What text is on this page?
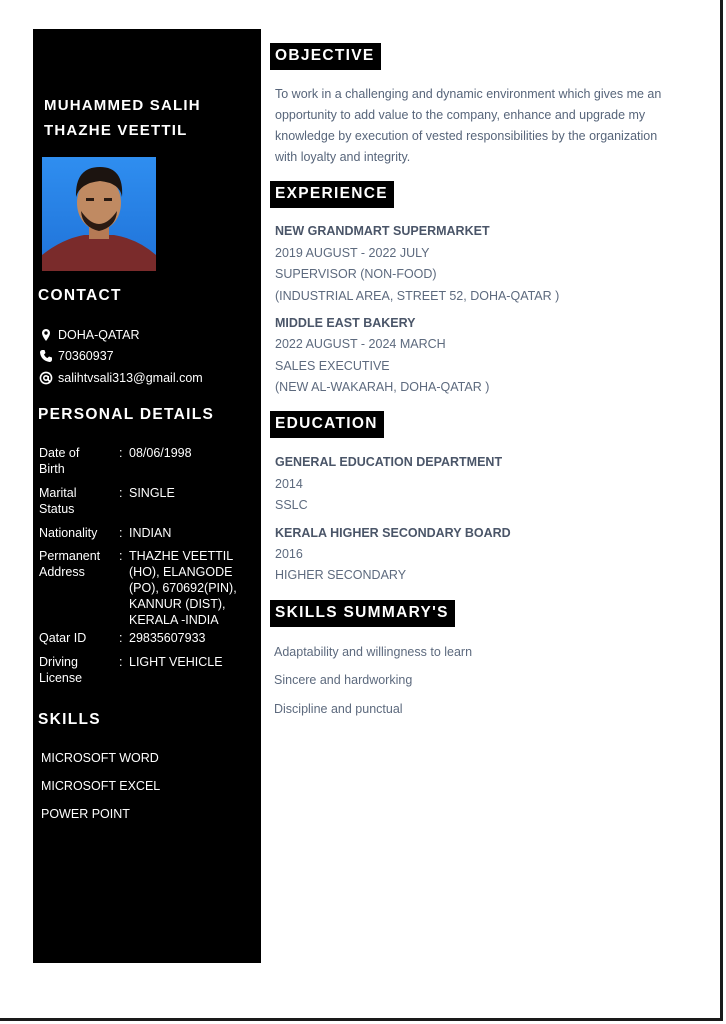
MUHAMMED SALIH
THAZHE VEETTIL
CONTACT
DOHA-QATAR
70360937
salihtvsali313@gmail.com
PERSONAL DETAILS
Date of
Birth
: 08/06/1998
Marital
Status
: SINGLE
Nationality	: INDIAN
Permanent
Address
: THAZHE VEETTIL
(HO), ELANGODE
(PO), 670692(PIN),
KANNUR (DIST),
KERALA -INDIA
Qatar ID	: 29835607933
Driving
License
: LIGHT VEHICLE
SKILLS
MICROSOFT WORD
MICROSOFT EXCEL
POWER POINT
OBJECTIVE
To work in a challenging and dynamic environment which gives me an opportunity to add value to the company, enhance and upgrade my knowledge by execution of vested responsibilities by the organization with loyalty and integrity.
EXPERIENCE
NEW GRANDMART SUPERMARKET
2019 AUGUST - 2022 JULY
SUPERVISOR (NON-FOOD)
(INDUSTRIAL AREA, STREET 52, DOHA-QATAR )
MIDDLE EAST BAKERY
2022 AUGUST - 2024 MARCH
SALES EXECUTIVE
(NEW AL-WAKARAH, DOHA-QATAR )
EDUCATION
GENERAL EDUCATION DEPARTMENT
2014
SSLC
KERALA HIGHER SECONDARY BOARD
2016
HIGHER SECONDARY
SKILLS SUMMARY'S
Adaptability and willingness to learn
Sincere and hardworking
Discipline and punctual
